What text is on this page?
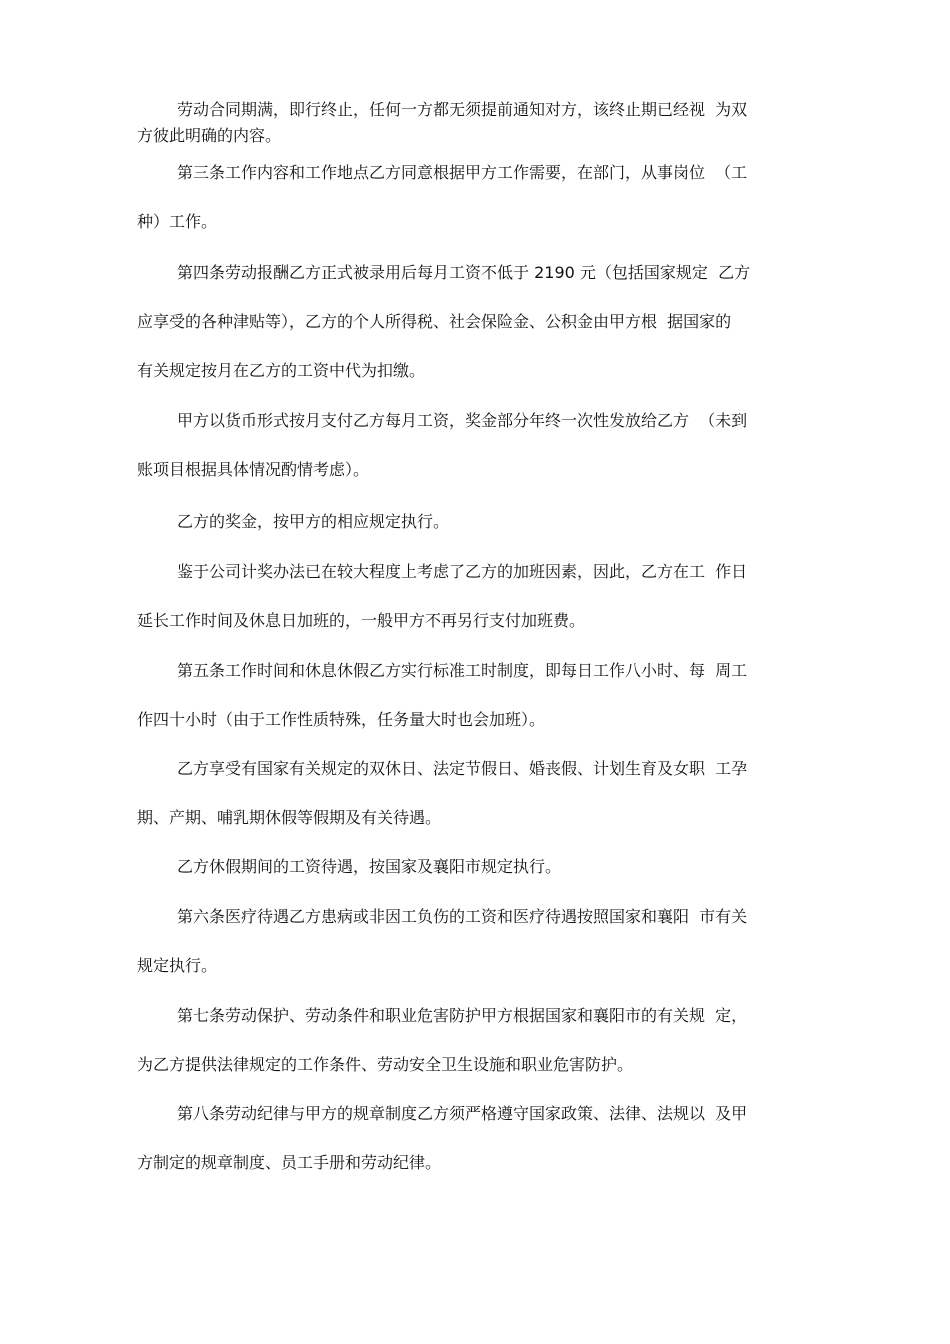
劳动合同期满，即行终止，任何一方都无须提前通知对方，该终止期已经视  为双
方彼此明确的内容。
第三条工作内容和工作地点乙方同意根据甲方工作需要，在部门，从事岗位  （工
种）工作。
第四条劳动报酬乙方正式被录用后每月工资不低于 2190 元（包括国家规定  乙方
应享受的各种津贴等），乙方的个人所得税、社会保险金、公积金由甲方根  据国家的
有关规定按月在乙方的工资中代为扣缴。
甲方以货币形式按月支付乙方每月工资，奖金部分年终一次性发放给乙方  （未到
账项目根据具体情况酌情考虑）。
乙方的奖金，按甲方的相应规定执行。
鉴于公司计奖办法已在较大程度上考虑了乙方的加班因素，因此，乙方在工  作日
延长工作时间及休息日加班的，一般甲方不再另行支付加班费。
第五条工作时间和休息休假乙方实行标准工时制度，即每日工作八小时、每  周工
作四十小时（由于工作性质特殊，任务量大时也会加班）。
乙方享受有国家有关规定的双休日、法定节假日、婚丧假、计划生育及女职  工孕
期、产期、哺乳期休假等假期及有关待遇。
乙方休假期间的工资待遇，按国家及襄阳市规定执行。
第六条医疗待遇乙方患病或非因工负伤的工资和医疗待遇按照国家和襄阳  市有关
规定执行。
第七条劳动保护、劳动条件和职业危害防护甲方根据国家和襄阳市的有关规  定，
为乙方提供法律规定的工作条件、劳动安全卫生设施和职业危害防护。
第八条劳动纪律与甲方的规章制度乙方须严格遵守国家政策、法律、法规以  及甲
方制定的规章制度、员工手册和劳动纪律。
